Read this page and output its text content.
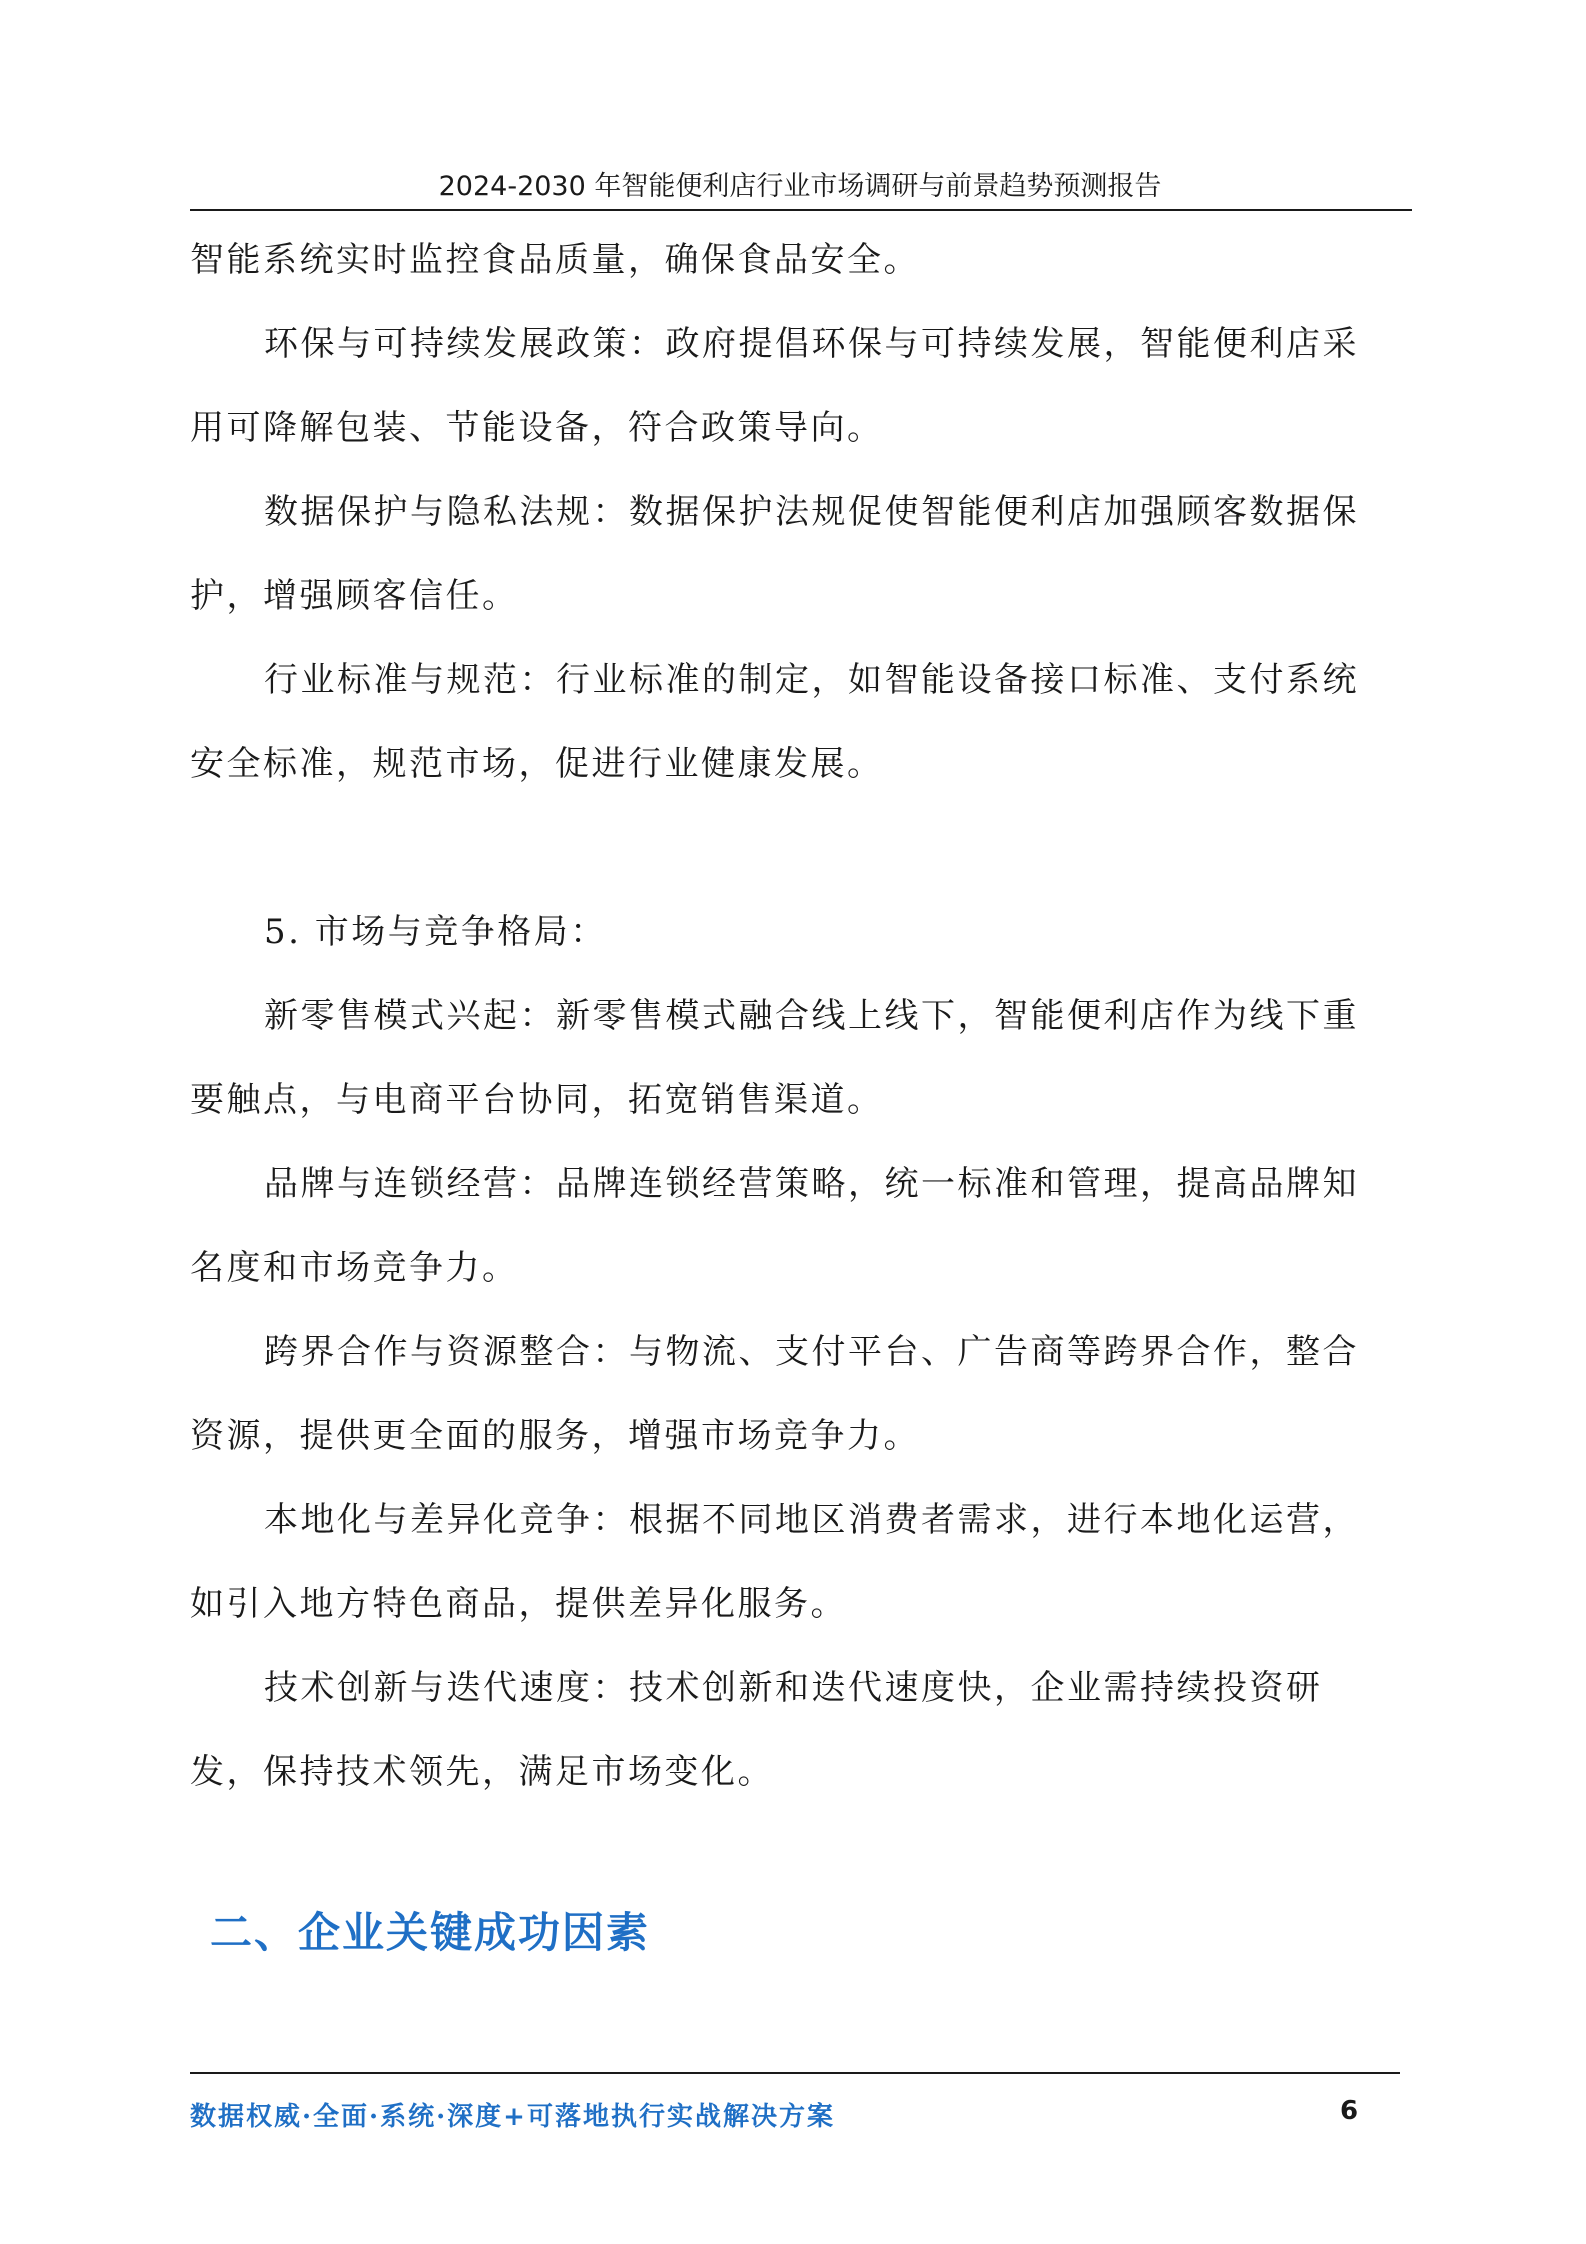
2024-2030 年智能便利店行业市场调研与前景趋势预测报告
智能系统实时监控食品质量，确保食品安全。
环保与可持续发展政策：政府提倡环保与可持续发展，智能便利店采
用可降解包装、节能设备，符合政策导向。
数据保护与隐私法规：数据保护法规促使智能便利店加强顾客数据保
护，增强顾客信任。
行业标准与规范：行业标准的制定，如智能设备接口标准、支付系统
安全标准，规范市场，促进行业健康发展。
5. 市场与竞争格局：
新零售模式兴起：新零售模式融合线上线下，智能便利店作为线下重
要触点，与电商平台协同，拓宽销售渠道。
品牌与连锁经营：品牌连锁经营策略，统一标准和管理，提高品牌知
名度和市场竞争力。
跨界合作与资源整合：与物流、支付平台、广告商等跨界合作，整合
资源，提供更全面的服务，增强市场竞争力。
本地化与差异化竞争：根据不同地区消费者需求，进行本地化运营，
如引入地方特色商品，提供差异化服务。
技术创新与迭代速度：技术创新和迭代速度快，企业需持续投资研
发，保持技术领先，满足市场变化。
二、企业关键成功因素
数据权威·全面·系统·深度+可落地执行实战解决方案	6
